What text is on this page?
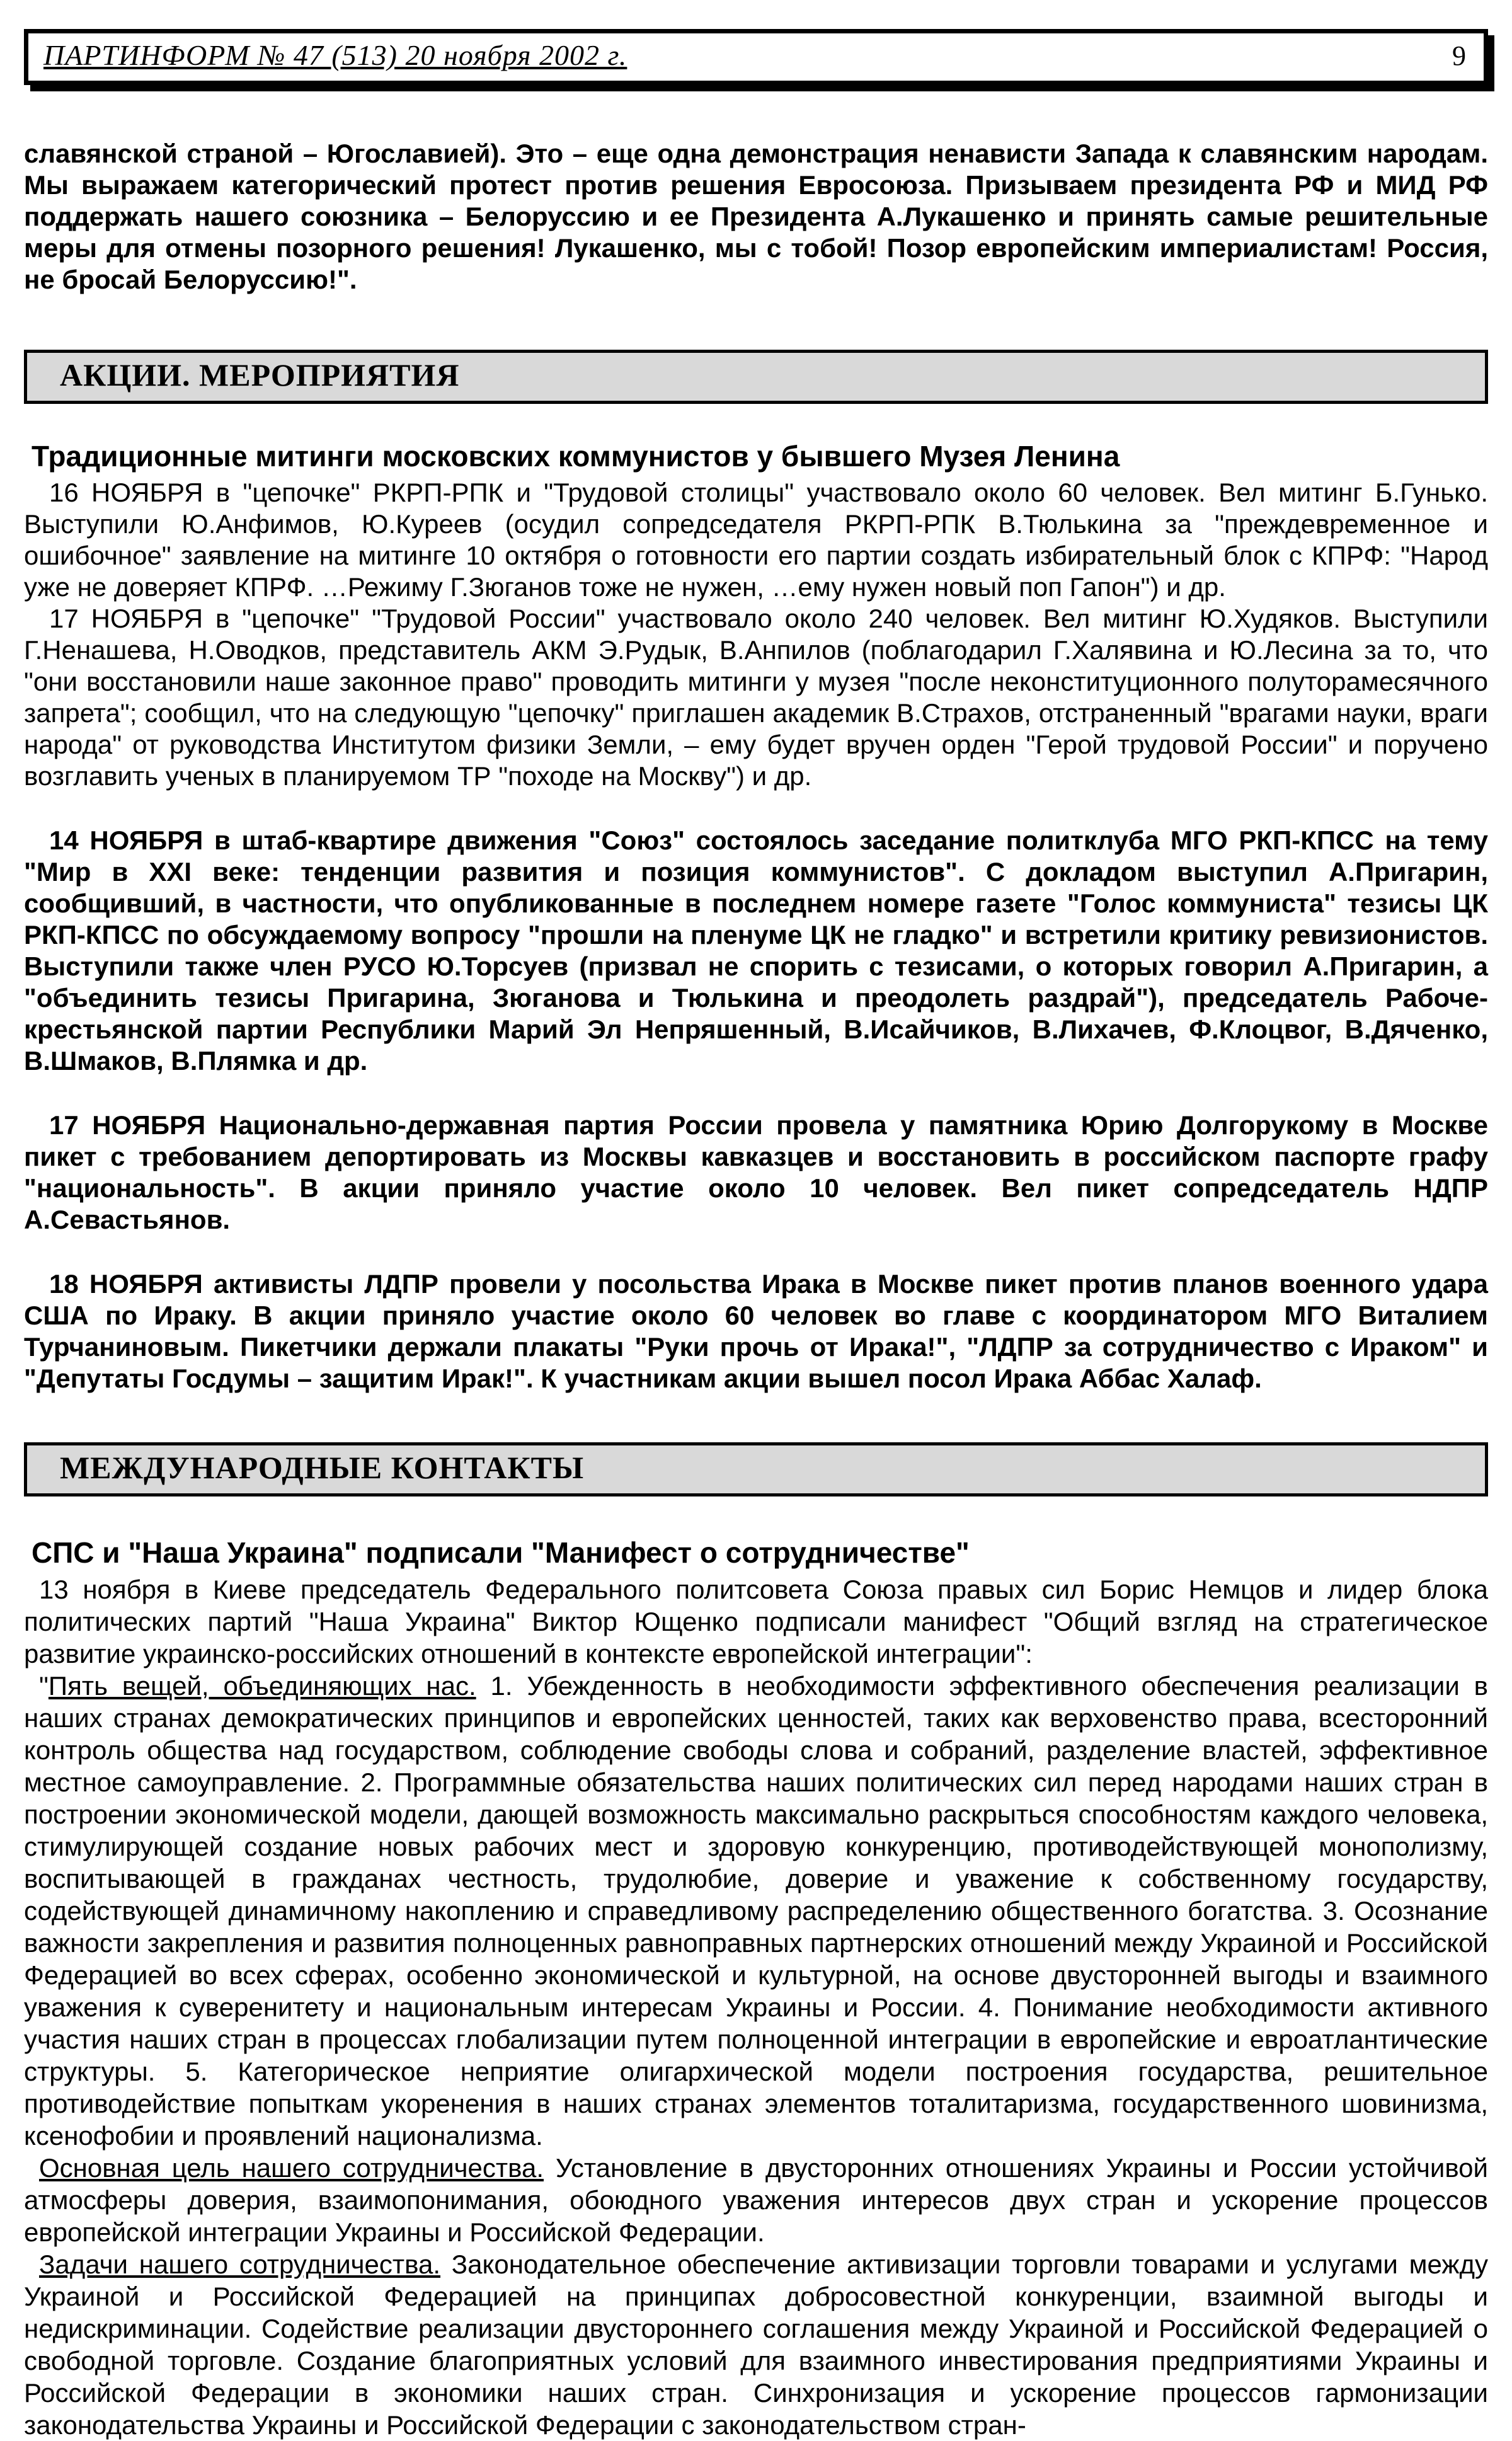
ПАРТИНФОРМ № 47 (513) 20 ноября 2002 г.	9

славянской страной – Югославией). Это – еще одна демонстрация ненависти Запада к славянским народам. Мы выражаем категорический протест против решения Евросоюза. Призываем президента РФ и МИД РФ поддержать нашего союзника – Белоруссию и ее Президента А.Лукашенко и принять самые решительные меры для отмены позорного решения! Лукашенко, мы с тобой! Позор европейским империалистам! Россия, не бросай Белоруссию!".

АКЦИИ. МЕРОПРИЯТИЯ
Традиционные митинги московских коммунистов у бывшего Музея Ленина

16 НОЯБРЯ в "цепочке" РКРП-РПК и "Трудовой столицы" участвовало около 60 человек. Вел митинг Б.Гунько. Выступили Ю.Анфимов, Ю.Куреев (осудил сопредседателя РКРП-РПК В.Тюлькина за "преждевременное и ошибочное" заявление на митинге 10 октября о готовности его партии создать избирательный блок с КПРФ: "Народ уже не доверяет КПРФ. …Режиму Г.Зюганов тоже не нужен, …ему нужен новый поп Гапон") и др.

17 НОЯБРЯ в "цепочке" "Трудовой России" участвовало около 240 человек. Вел митинг Ю.Худяков. Выступили Г.Ненашева, Н.Оводков, представитель АКМ Э.Рудык, В.Анпилов (поблагодарил Г.Халявина и Ю.Лесина за то, что "они восстановили наше законное право" проводить митинги у музея "после неконституционного полуторамесячного запрета"; сообщил, что на следующую "цепочку" приглашен академик В.Страхов, отстраненный "врагами науки, враги народа" от руководства Институтом физики Земли, – ему будет вручен орден "Герой трудовой России" и поручено возглавить ученых в планируемом ТР "походе на Москву") и др.

14 НОЯБРЯ в штаб-квартире движения "Союз" состоялось заседание политклуба МГО РКП-КПСС на тему "Мир в XXI веке: тенденции развития и позиция коммунистов". С докладом выступил А.Пригарин, сообщивший, в частности, что опубликованные в последнем номере газете "Голос коммуниста" тезисы ЦК РКП-КПСС по обсуждаемому вопросу "прошли на пленуме ЦК не гладко" и встретили критику ревизионистов. Выступили также член РУСО Ю.Торсуев (призвал не спорить с тезисами, о которых говорил А.Пригарин, а "объединить тезисы Пригарина, Зюганова и Тюлькина и преодолеть раздрай"), председатель Рабоче-крестьянской партии Республики Марий Эл Непряшенный, В.Исайчиков, В.Лихачев, Ф.Клоцвог, В.Дяченко, В.Шмаков, В.Плямка и др.

17 НОЯБРЯ Национально-державная партия России провела у памятника Юрию Долгорукому в Москве пикет с требованием депортировать из Москвы кавказцев и восстановить в российском паспорте графу "национальность". В акции приняло участие около 10 человек. Вел пикет сопредседатель НДПР А.Севастьянов.

18 НОЯБРЯ активисты ЛДПР провели у посольства Ирака в Москве пикет против планов военного удара США по Ираку. В акции приняло участие около 60 человек во главе с координатором МГО Виталием Турчаниновым. Пикетчики держали плакаты "Руки прочь от Ирака!", "ЛДПР за сотрудничество с Ираком" и "Депутаты Госдумы – защитим Ирак!". К участникам акции вышел посол Ирака Аббас Халаф.

МЕЖДУНАРОДНЫЕ КОНТАКТЫ
СПС и "Наша Украина" подписали "Манифест о сотрудничестве"

13 ноября в Киеве председатель Федерального политсовета Союза правых сил Борис Немцов и лидер блока политических партий "Наша Украина" Виктор Ющенко подписали манифест "Общий взгляд на стратегическое развитие украинско-российских отношений в контексте европейской интеграции":

"Пять вещей, объединяющих нас. 1. Убежденность в необходимости эффективного обеспечения реализации в наших странах демократических принципов и европейских ценностей, таких как верховенство права, всесторонний контроль общества над государством, соблюдение свободы слова и собраний, разделение властей, эффективное местное самоуправление. 2. Программные обязательства наших политических сил перед народами наших стран в построении экономической модели, дающей возможность максимально раскрыться способностям каждого человека, стимулирующей создание новых рабочих мест и здоровую конкуренцию, противодействующей монополизму, воспитывающей в гражданах честность, трудолюбие, доверие и уважение к собственному государству, содействующей динамичному накоплению и справедливому распределению общественного богатства. 3. Осознание важности закрепления и развития полноценных равноправных партнерских отношений между Украиной и Российской Федерацией во всех сферах, особенно экономической и культурной, на основе двусторонней выгоды и взаимного уважения к суверенитету и национальным интересам Украины и России. 4. Понимание необходимости активного участия наших стран в процессах глобализации путем полноценной интеграции в европейские и евроатлантические структуры. 5. Категорическое неприятие олигархической модели построения государства, решительное противодействие попыткам укоренения в наших странах элементов тоталитаризма, государственного шовинизма, ксенофобии и проявлений национализма.

Основная цель нашего сотрудничества. Установление в двусторонних отношениях Украины и России устойчивой атмосферы доверия, взаимопонимания, обоюдного уважения интересов двух стран и ускорение процессов европейской интеграции Украины и Российской Федерации.

Задачи нашего сотрудничества. Законодательное обеспечение активизации торговли товарами и услугами между Украиной и Российской Федерацией на принципах добросовестной конкуренции, взаимной выгоды и недискриминации. Содействие реализации двустороннего соглашения между Украиной и Российской Федерацией о свободной торговле. Создание благоприятных условий для взаимного инвестирования предприятиями Украины и Российской Федерации в экономики наших стран. Синхронизация и ускорение процессов гармонизации законодательства Украины и Российской Федерации с законодательством стран-
